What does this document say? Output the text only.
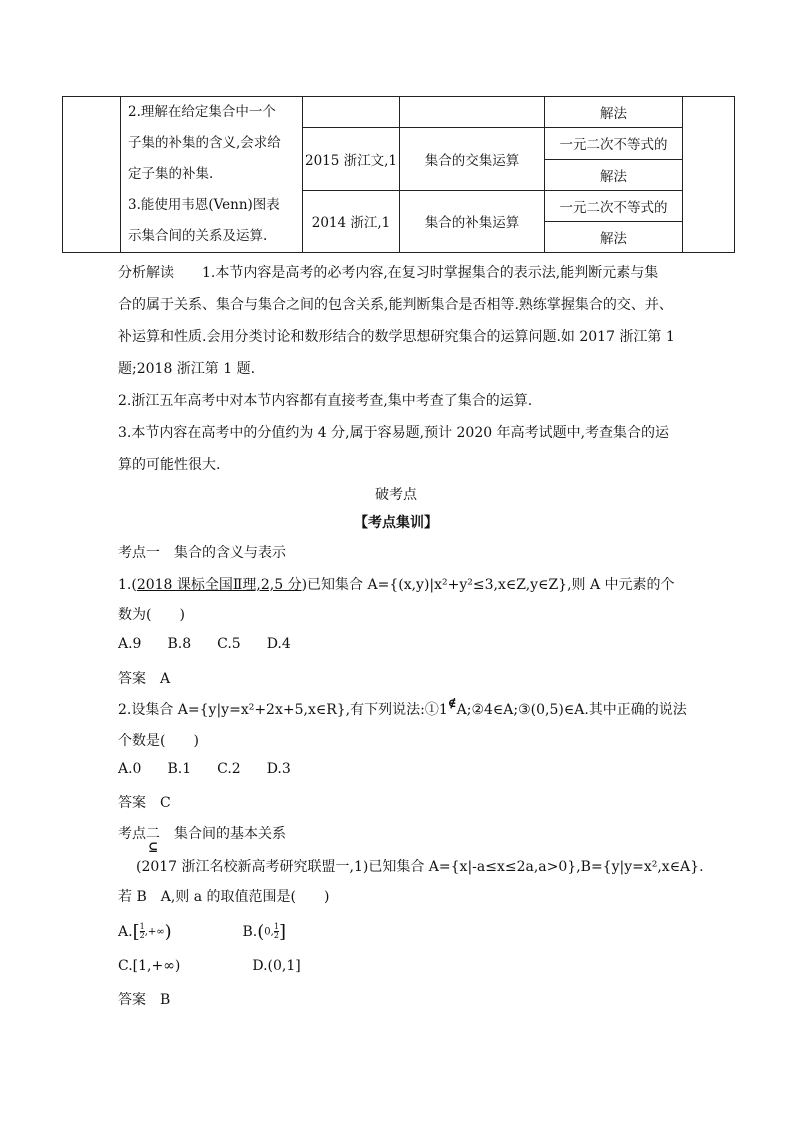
	2.理解在给定集合中一个
子集的补集的含义,会求给
定子集的补集.
3.能使用韦恩(Venn)图表
示集合间的关系及运算.			解法	
		2015 浙江文,1	集合的交集运算	一元二次不等式的	
				解法	
		2014 浙江,1	集合的补集运算	一元二次不等式的	
				解法	
分析解读 1.本节内容是高考的必考内容,在复习时掌握集合的表示法,能判断元素与集
合的属于关系、集合与集合之间的包含关系,能判断集合是否相等.熟练掌握集合的交、并、
补运算和性质.会用分类讨论和数形结合的数学思想研究集合的运算问题.如 2017 浙江第 1
题;2018 浙江第 1 题.
2.浙江五年高考中对本节内容都有直接考查,集中考查了集合的运算.
3.本节内容在高考中的分值约为 4 分,属于容易题,预计 2020 年高考试题中,考查集合的运
算的可能性很大.
破考点
【考点集训】
考点一　集合的含义与表示
1.(2018 课标全国Ⅱ理,2,5 分)已知集合 A={(x,y)|x²+y²≤3,x∈Z,y∈Z},则 A 中元素的个
数为(　　)
A.9 B.8 C.5 D.4
答案　A
2.设集合 A={y|y=x²+2x+5,x∈R},有下列说法:①1∉A;②4∈A;③(0,5)∈A.其中正确的说法
个数是(　　)
A.0 B.1 C.2 D.3
答案　C
考点二　集合间的基本关系
⊆
(2017 浙江名校新高考研究联盟一,1)已知集合 A={x|-a≤x≤2a,a>0},B={y|y=x²,x∈A}.
若 B　A,则 a 的取值范围是(　　)
$A.[ \frac{1}{2}$ ,+∞)	B.(0, $\frac{1}{2}$ ]
C.[1,+∞)	D.(0,1]
答案　B
